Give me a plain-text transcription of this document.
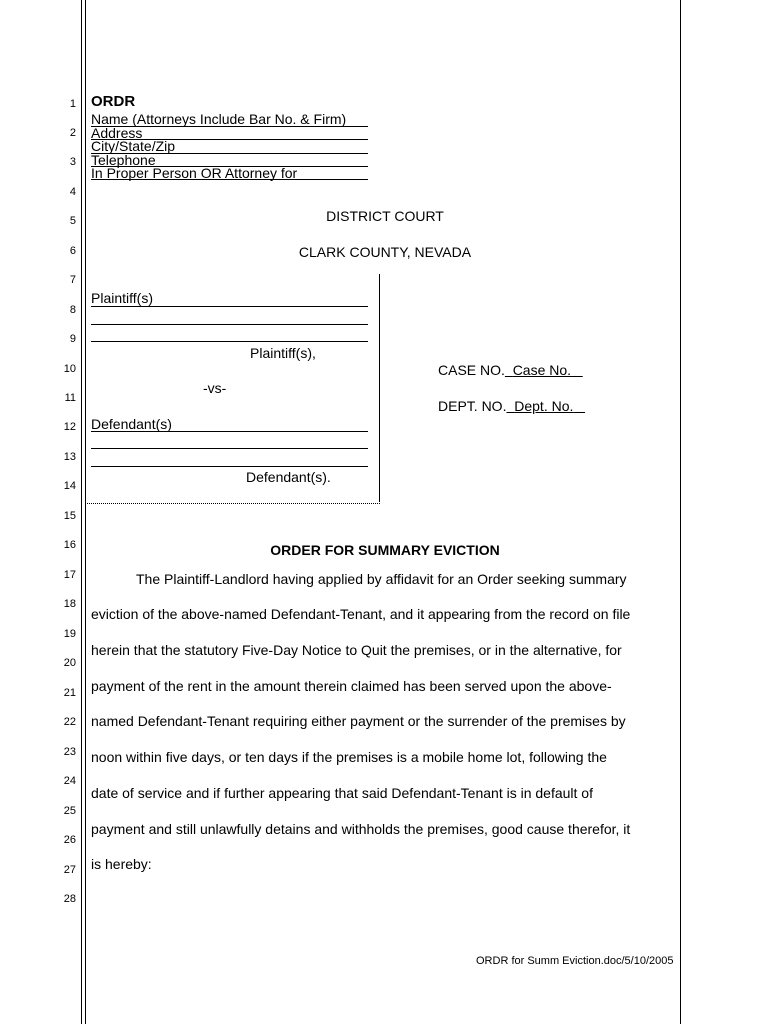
1
2
3
4
5
6
7
8
9
10
11
12
13
14
15
16
17
18
19
20
21
22
23
24
25
26
27
28
ORDR
Name (Attorneys Include Bar No. & Firm)
Address
City/State/Zip
Telephone
In Proper Person OR Attorney for
DISTRICT COURT
CLARK COUNTY, NEVADA
Plaintiff(s)
Plaintiff(s),
-vs-
Defendant(s)
Defendant(s).
CASE NO. Case No.
DEPT. NO. Dept. No.
ORDER FOR SUMMARY EVICTION
The Plaintiff-Landlord having applied by affidavit for an Order seeking summary
eviction of the above-named Defendant-Tenant, and it appearing from the record on file
herein that the statutory Five-Day Notice to Quit the premises, or in the alternative, for
payment of the rent in the amount therein claimed has been served upon the above-
named Defendant-Tenant requiring either payment or the surrender of the premises by
noon within five days, or ten days if the premises is a mobile home lot, following the
date of service and if further appearing that said Defendant-Tenant is in default of
payment and still unlawfully detains and withholds the premises, good cause therefor, it
is hereby:
ORDR for Summ Eviction.doc/5/10/2005
